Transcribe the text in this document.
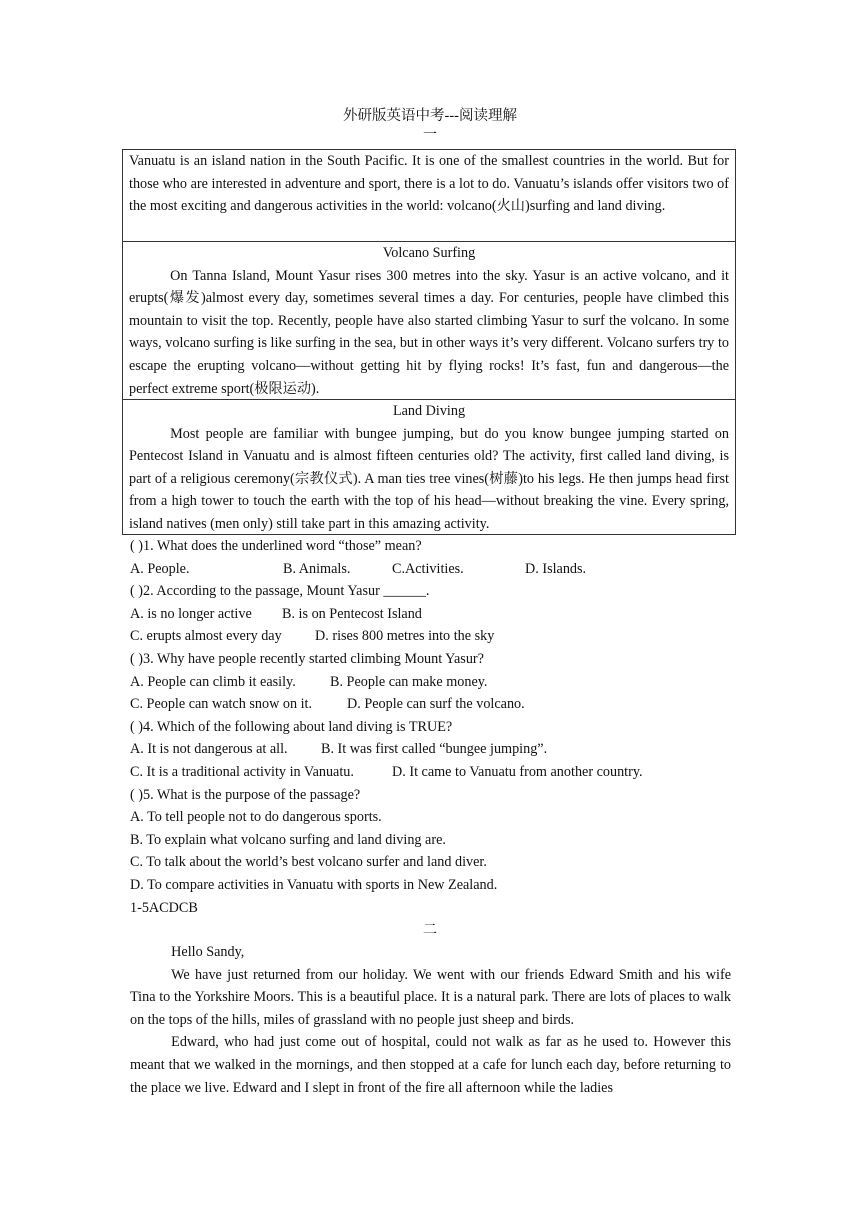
外研版英语中考---阅读理解
一

Vanuatu is an island nation in the South Pacific. It is one of the smallest countries in the world. But for those who are interested in adventure and sport, there is a lot to do. Vanuatu’s islands offer visitors two of the most exciting and dangerous activities in the world: volcano(火山)surfing and land diving.

Volcano Surfing

On Tanna Island, Mount Yasur rises 300 metres into the sky. Yasur is an active volcano, and it erupts(爆发)almost every day, sometimes several times a day. For centuries, people have climbed this mountain to visit the top. Recently, people have also started climbing Yasur to surf the volcano. In some ways, volcano surfing is like surfing in the sea, but in other ways it’s very different. Volcano surfers try to escape the erupting volcano—without getting hit by flying rocks! It’s fast, fun and dangerous—the perfect extreme sport(极限运动).

Land Diving

Most people are familiar with bungee jumping, but do you know bungee jumping started on Pentecost Island in Vanuatu and is almost fifteen centuries old? The activity, first called land diving, is part of a religious ceremony(宗教仪式). A man ties tree vines(树藤)to his legs. He then jumps head first from a high tower to touch the earth with the top of his head—without breaking the vine. Every spring, island natives (men only) still take part in this amazing activity.

( )1. What does the underlined word “those” mean?
A. People.	B. Animals.	C.Activities.	D. Islands.
( )2. According to the passage, Mount Yasur ______.
A. is no longer active B. is on Pentecost Island
C. erupts almost every day D. rises 800 metres into the sky
( )3. Why have people recently started climbing Mount Yasur?
A. People can climb it easily. B. People can make money.
C. People can watch snow on it. D. People can surf the volcano.
( )4. Which of the following about land diving is TRUE?
A. It is not dangerous at all. B. It was first called “bungee jumping”.
C. It is a traditional activity in Vanuatu.	D. It came to Vanuatu from another country.
( )5. What is the purpose of the passage?
A. To tell people not to do dangerous sports.
B. To explain what volcano surfing and land diving are.
C. To talk about the world’s best volcano surfer and land diver.
D. To compare activities in Vanuatu with sports in New Zealand.
1-5ACDCB
二

Hello Sandy,

We have just returned from our holiday. We went with our friends Edward Smith and his wife Tina to the Yorkshire Moors. This is a beautiful place. It is a natural park. There are lots of places to walk on the tops of the hills, miles of grassland with no people just sheep and birds.

Edward, who had just come out of hospital, could not walk as far as he used to. However this meant that we walked in the mornings, and then stopped at a cafe for lunch each day, before returning to the place we live. Edward and I slept in front of the fire all afternoon while the ladies
